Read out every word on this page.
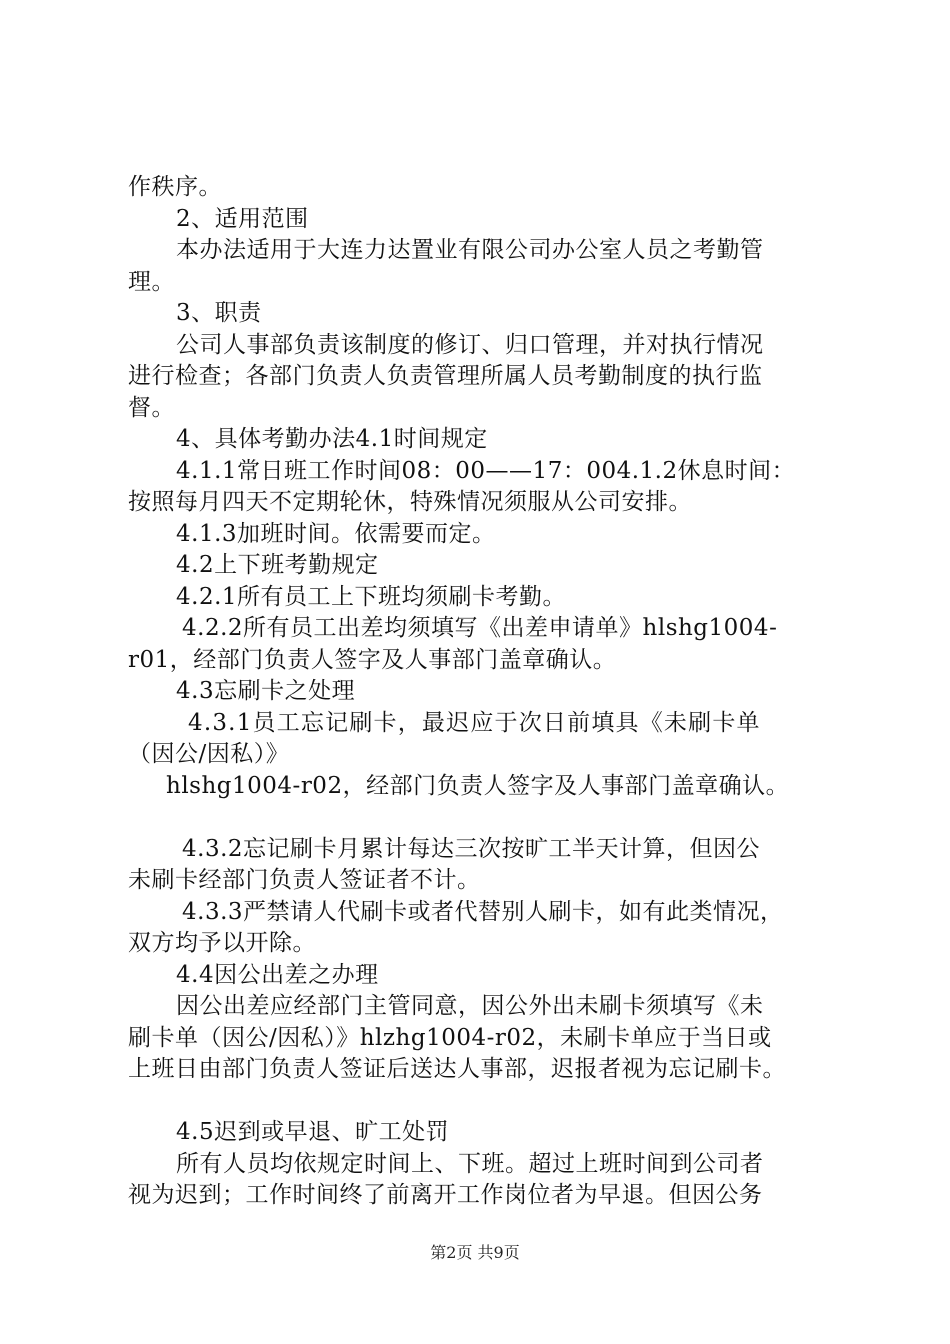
作秩序。
2、适用范围
本办法适用于大连力达置业有限公司办公室人员之考勤管
理。
3、职责
公司人事部负责该制度的修订、归口管理，并对执行情况
进行检查；各部门负责人负责管理所属人员考勤制度的执行监
督。
4、具体考勤办法4.1时间规定
4.1.1常日班工作时间08：00——17：004.1.2休息时间：
按照每月四天不定期轮休，特殊情况须服从公司安排。
4.1.3加班时间。依需要而定。
4.2上下班考勤规定
4.2.1所有员工上下班均须刷卡考勤。
4.2.2所有员工出差均须填写《出差申请单》hlshg1004-
r01，经部门负责人签字及人事部门盖章确认。
4.3忘刷卡之处理
4.3.1员工忘记刷卡，最迟应于次日前填具《未刷卡单
（因公/因私）》
hlshg1004-r02，经部门负责人签字及人事部门盖章确认。
4.3.2忘记刷卡月累计每达三次按旷工半天计算，但因公
未刷卡经部门负责人签证者不计。
4.3.3严禁请人代刷卡或者代替别人刷卡，如有此类情况，
双方均予以开除。
4.4因公出差之办理
因公出差应经部门主管同意，因公外出未刷卡须填写《未
刷卡单（因公/因私）》hlzhg1004-r02，未刷卡单应于当日或
上班日由部门负责人签证后送达人事部，迟报者视为忘记刷卡。
4.5迟到或早退、旷工处罚
所有人员均依规定时间上、下班。超过上班时间到公司者
视为迟到；工作时间终了前离开工作岗位者为早退。但因公务
第2页 共9页
